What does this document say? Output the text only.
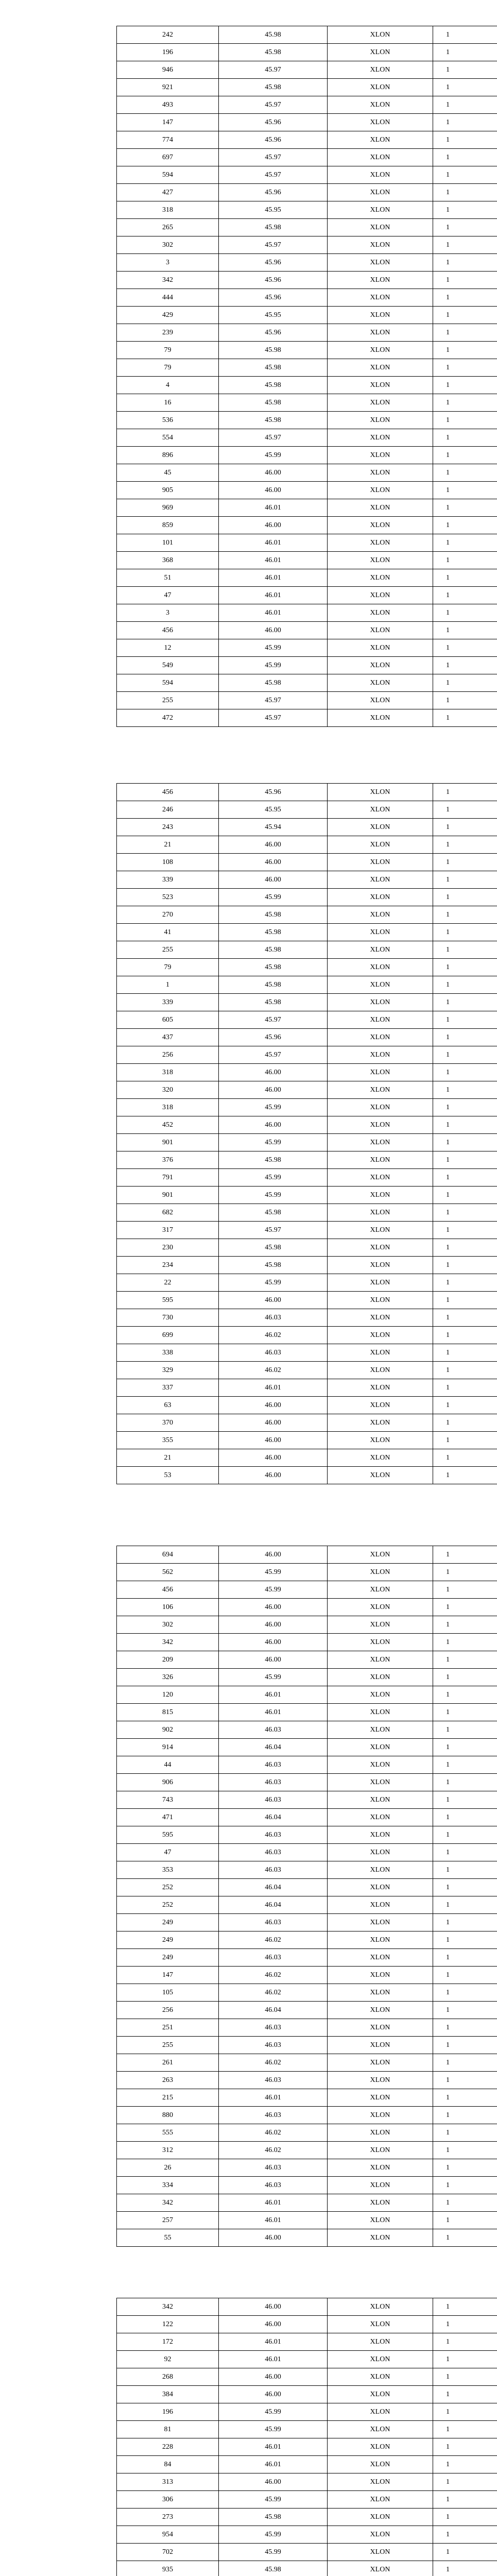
242	45.98	XLON	1
196	45.98	XLON	1
946	45.97	XLON	1
921	45.98	XLON	1
493	45.97	XLON	1
147	45.96	XLON	1
774	45.96	XLON	1
697	45.97	XLON	1
594	45.97	XLON	1
427	45.96	XLON	1
318	45.95	XLON	1
265	45.98	XLON	1
302	45.97	XLON	1
3	45.96	XLON	1
342	45.96	XLON	1
444	45.96	XLON	1
429	45.95	XLON	1
239	45.96	XLON	1
79	45.98	XLON	1
79	45.98	XLON	1
4	45.98	XLON	1
16	45.98	XLON	1
536	45.98	XLON	1
554	45.97	XLON	1
896	45.99	XLON	1
45	46.00	XLON	1
905	46.00	XLON	1
969	46.01	XLON	1
859	46.00	XLON	1
101	46.01	XLON	1
368	46.01	XLON	1
51	46.01	XLON	1
47	46.01	XLON	1
3	46.01	XLON	1
456	46.00	XLON	1
12	45.99	XLON	1
549	45.99	XLON	1
594	45.98	XLON	1
255	45.97	XLON	1
472	45.97	XLON	1
456	45.96	XLON	1
246	45.95	XLON	1
243	45.94	XLON	1
21	46.00	XLON	1
108	46.00	XLON	1
339	46.00	XLON	1
523	45.99	XLON	1
270	45.98	XLON	1
41	45.98	XLON	1
255	45.98	XLON	1
79	45.98	XLON	1
1	45.98	XLON	1
339	45.98	XLON	1
605	45.97	XLON	1
437	45.96	XLON	1
256	45.97	XLON	1
318	46.00	XLON	1
320	46.00	XLON	1
318	45.99	XLON	1
452	46.00	XLON	1
901	45.99	XLON	1
376	45.98	XLON	1
791	45.99	XLON	1
901	45.99	XLON	1
682	45.98	XLON	1
317	45.97	XLON	1
230	45.98	XLON	1
234	45.98	XLON	1
22	45.99	XLON	1
595	46.00	XLON	1
730	46.03	XLON	1
699	46.02	XLON	1
338	46.03	XLON	1
329	46.02	XLON	1
337	46.01	XLON	1
63	46.00	XLON	1
370	46.00	XLON	1
355	46.00	XLON	1
21	46.00	XLON	1
53	46.00	XLON	1
694	46.00	XLON	1
562	45.99	XLON	1
456	45.99	XLON	1
106	46.00	XLON	1
302	46.00	XLON	1
342	46.00	XLON	1
209	46.00	XLON	1
326	45.99	XLON	1
120	46.01	XLON	1
815	46.01	XLON	1
902	46.03	XLON	1
914	46.04	XLON	1
44	46.03	XLON	1
906	46.03	XLON	1
743	46.03	XLON	1
471	46.04	XLON	1
595	46.03	XLON	1
47	46.03	XLON	1
353	46.03	XLON	1
252	46.04	XLON	1
252	46.04	XLON	1
249	46.03	XLON	1
249	46.02	XLON	1
249	46.03	XLON	1
147	46.02	XLON	1
105	46.02	XLON	1
256	46.04	XLON	1
251	46.03	XLON	1
255	46.03	XLON	1
261	46.02	XLON	1
263	46.03	XLON	1
215	46.01	XLON	1
880	46.03	XLON	1
555	46.02	XLON	1
312	46.02	XLON	1
26	46.03	XLON	1
334	46.03	XLON	1
342	46.01	XLON	1
257	46.01	XLON	1
55	46.00	XLON	1
342	46.00	XLON	1
122	46.00	XLON	1
172	46.01	XLON	1
92	46.01	XLON	1
268	46.00	XLON	1
384	46.00	XLON	1
196	45.99	XLON	1
81	45.99	XLON	1
228	46.01	XLON	1
84	46.01	XLON	1
313	46.00	XLON	1
306	45.99	XLON	1
273	45.98	XLON	1
954	45.99	XLON	1
702	45.99	XLON	1
935	45.98	XLON	1
